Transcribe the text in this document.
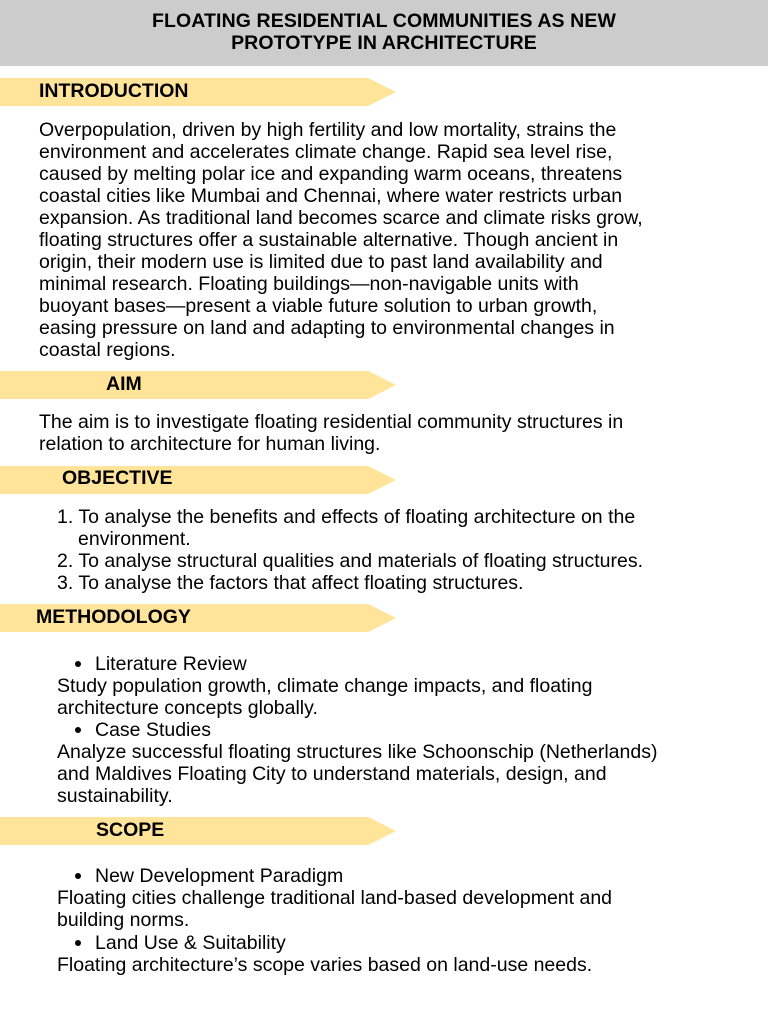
FLOATING RESIDENTIAL COMMUNITIES AS NEW
PROTOTYPE IN ARCHITECTURE
INTRODUCTION
Overpopulation, driven by high fertility and low mortality, strains the
environment and accelerates climate change. Rapid sea level rise,
caused by melting polar ice and expanding warm oceans, threatens
coastal cities like Mumbai and Chennai, where water restricts urban
expansion. As traditional land becomes scarce and climate risks grow,
floating structures offer a sustainable alternative. Though ancient in
origin, their modern use is limited due to past land availability and
minimal research. Floating buildings—non-navigable units with
buoyant bases—present a viable future solution to urban growth,
easing pressure on land and adapting to environmental changes in
coastal regions.
AIM
The aim is to investigate floating residential community structures in
relation to architecture for human living.
OBJECTIVE
1. To analyse the benefits and effects of floating architecture on the
environment.
2. To analyse structural qualities and materials of floating structures.
3. To analyse the factors that affect floating structures.
METHODOLOGY
Literature Review
Study population growth, climate change impacts, and floating
architecture concepts globally.
Case Studies
Analyze successful floating structures like Schoonschip (Netherlands)
and Maldives Floating City to understand materials, design, and
sustainability.
SCOPE
New Development Paradigm
Floating cities challenge traditional land-based development and
building norms.
Land Use & Suitability
Floating architecture’s scope varies based on land-use needs.
